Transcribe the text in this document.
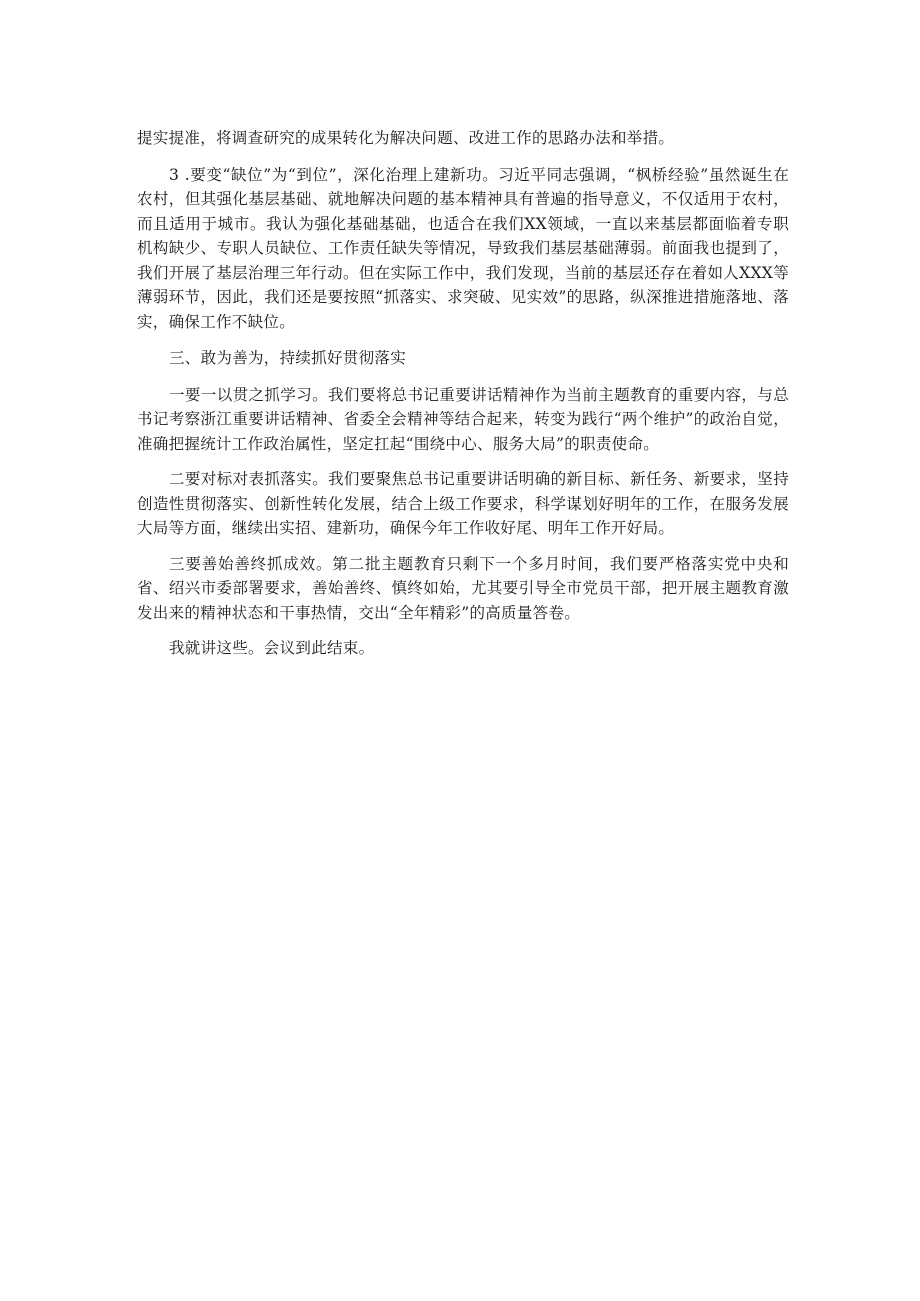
提实提准，将调查研究的成果转化为解决问题、改进工作的思路办法和举措。

3 .要变“缺位”为“到位”，深化治理上建新功。习近平同志强调，“枫桥经验”虽然诞生在农村，但其强化基层基础、就地解决问题的基本精神具有普遍的指导意义，不仅适用于农村，而且适用于城市。我认为强化基础基础，也适合在我们XX领域，一直以来基层都面临着专职机构缺少、专职人员缺位、工作责任缺失等情况，导致我们基层基础薄弱。前面我也提到了，我们开展了基层治理三年行动。但在实际工作中，我们发现，当前的基层还存在着如人XXX等薄弱环节，因此，我们还是要按照“抓落实、求突破、见实效”的思路，纵深推进措施落地、落实，确保工作不缺位。

三、敢为善为，持续抓好贯彻落实

一要一以贯之抓学习。我们要将总书记重要讲话精神作为当前主题教育的重要内容，与总书记考察浙江重要讲话精神、省委全会精神等结合起来，转变为践行“两个维护”的政治自觉，准确把握统计工作政治属性，坚定扛起“围绕中心、服务大局”的职责使命。

二要对标对表抓落实。我们要聚焦总书记重要讲话明确的新目标、新任务、新要求，坚持创造性贯彻落实、创新性转化发展，结合上级工作要求，科学谋划好明年的工作，在服务发展大局等方面，继续出实招、建新功，确保今年工作收好尾、明年工作开好局。

三要善始善终抓成效。第二批主题教育只剩下一个多月时间，我们要严格落实党中央和省、绍兴市委部署要求，善始善终、慎终如始，尤其要引导全市党员干部，把开展主题教育激发出来的精神状态和干事热情，交出“全年精彩”的高质量答卷。

我就讲这些。会议到此结束。
